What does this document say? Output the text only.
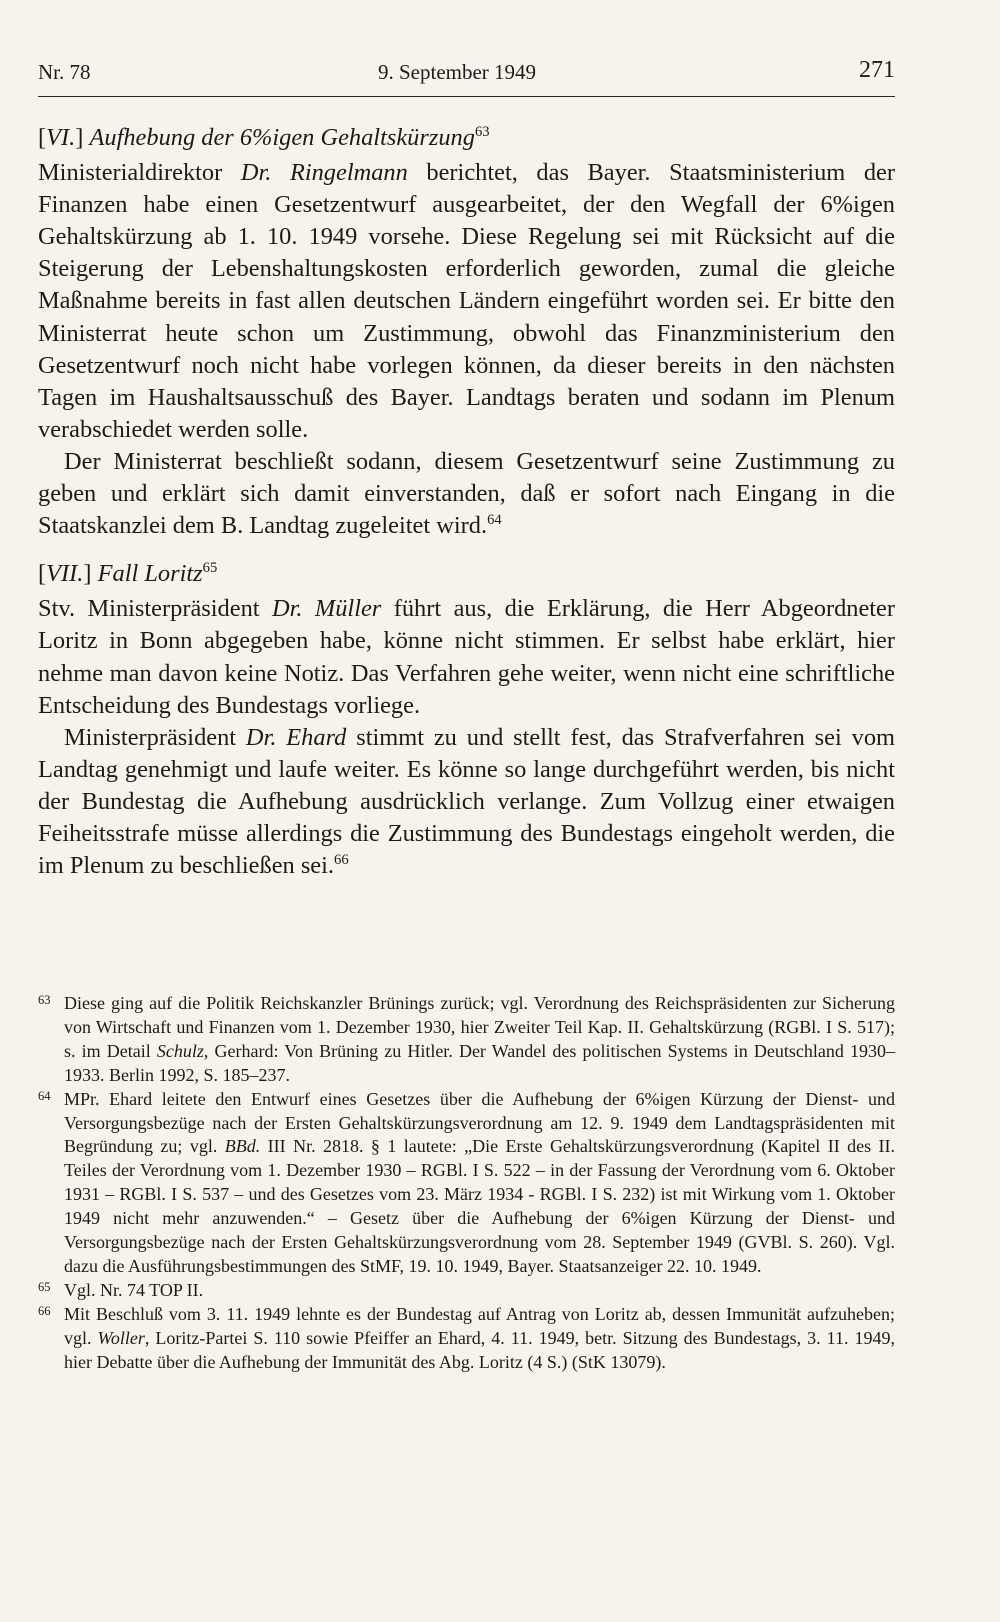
Nr. 78	9. September 1949	271

[VI.] Aufhebung der 6%igen Gehaltskürzung$^{63}$

Ministerialdirektor Dr. Ringelmann berichtet, das Bayer. Staatsministerium der Finanzen habe einen Gesetzentwurf ausgearbeitet, der den Wegfall der 6%igen Gehaltskürzung ab 1. 10. 1949 vorsehe. Diese Regelung sei mit Rücksicht auf die Steigerung der Lebenshaltungskosten erforderlich geworden, zumal die gleiche Maßnahme bereits in fast allen deutschen Ländern eingeführt worden sei. Er bitte den Ministerrat heute schon um Zustimmung, obwohl das Finanzministerium den Gesetzentwurf noch nicht habe vorlegen können, da dieser bereits in den nächsten Tagen im Haushaltsausschuß des Bayer. Landtags beraten und sodann im Plenum verabschiedet werden solle.

Der Ministerrat beschließt sodann, diesem Gesetzentwurf seine Zustimmung zu geben und erklärt sich damit einverstanden, daß er sofort nach Eingang in die Staatskanzlei dem B. Landtag zugeleitet wird.$^{64}$

[VII.] Fall Loritz$^{65}$

Stv. Ministerpräsident Dr. Müller führt aus, die Erklärung, die Herr Abgeordneter Loritz in Bonn abgegeben habe, könne nicht stimmen. Er selbst habe erklärt, hier nehme man davon keine Notiz. Das Verfahren gehe weiter, wenn nicht eine schriftliche Entscheidung des Bundestags vorliege.

Ministerpräsident Dr. Ehard stimmt zu und stellt fest, das Strafverfahren sei vom Landtag genehmigt und laufe weiter. Es könne so lange durchgeführt werden, bis nicht der Bundestag die Aufhebung ausdrücklich verlange. Zum Vollzug einer etwaigen Feiheitsstrafe müsse allerdings die Zustimmung des Bundestags eingeholt werden, die im Plenum zu beschließen sei.$^{66}$

63 Diese ging auf die Politik Reichskanzler Brünings zurück; vgl. Verordnung des Reichspräsidenten zur Sicherung von Wirtschaft und Finanzen vom 1. Dezember 1930, hier Zweiter Teil Kap. II. Gehaltskürzung (RGBl. I S. 517); s. im Detail Schulz, Gerhard: Von Brüning zu Hitler. Der Wandel des politischen Systems in Deutschland 1930–1933. Berlin 1992, S. 185–237.

64 MPr. Ehard leitete den Entwurf eines Gesetzes über die Aufhebung der 6%igen Kürzung der Dienst- und Versorgungsbezüge nach der Ersten Gehaltskürzungsverordnung am 12. 9. 1949 dem Landtagspräsidenten mit Begründung zu; vgl. BBd. III Nr. 2818. § 1 lautete: „Die Erste Gehaltskürzungsverordnung (Kapitel II des II. Teiles der Verordnung vom 1. Dezember 1930 – RGBl. I S. 522 – in der Fassung der Verordnung vom 6. Oktober 1931 – RGBl. I S. 537 – und des Gesetzes vom 23. März 1934 - RGBl. I S. 232) ist mit Wirkung vom 1. Oktober 1949 nicht mehr anzuwenden.“ – Gesetz über die Aufhebung der 6%igen Kürzung der Dienst- und Versorgungsbezüge nach der Ersten Gehaltskürzungsverordnung vom 28. September 1949 (GVBl. S. 260). Vgl. dazu die Ausführungsbestimmungen des StMF, 19. 10. 1949, Bayer. Staatsanzeiger 22. 10. 1949.

65 Vgl. Nr. 74 TOP II.

66 Mit Beschluß vom 3. 11. 1949 lehnte es der Bundestag auf Antrag von Loritz ab, dessen Immunität aufzuheben; vgl. Woller, Loritz-Partei S. 110 sowie Pfeiffer an Ehard, 4. 11. 1949, betr. Sitzung des Bundestags, 3. 11. 1949, hier Debatte über die Aufhebung der Immunität des Abg. Loritz (4 S.) (StK 13079).
